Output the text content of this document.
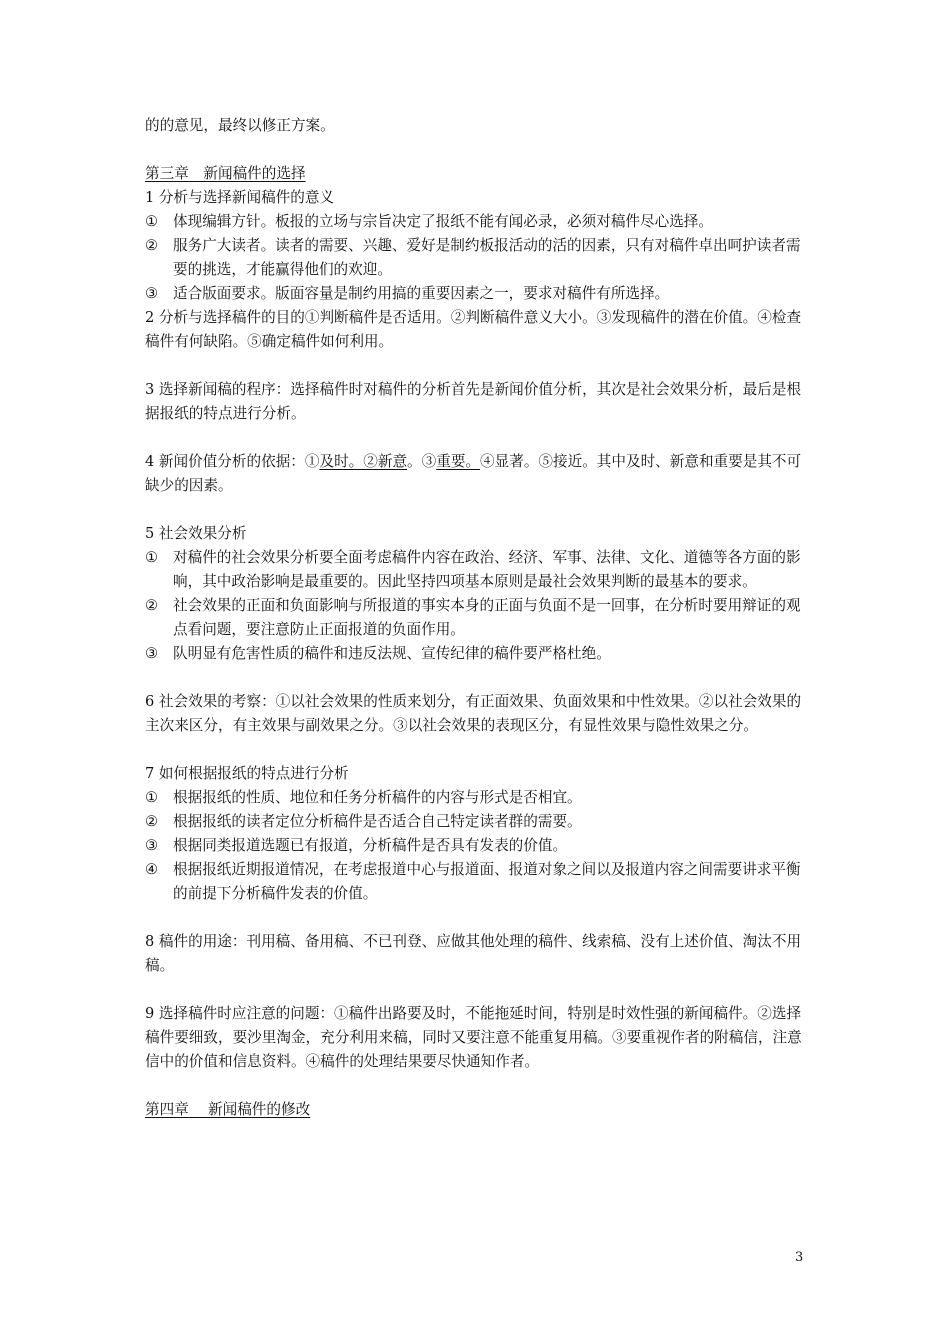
的的意见，最终以修正方案。

第三章　新闻稿件的选择

1 分析与选择新闻稿件的意义

① 体现编辑方针。板报的立场与宗旨决定了报纸不能有闻必录，必须对稿件尽心选择。
② 服务广大读者。读者的需要、兴趣、爱好是制约板报活动的活的因素，只有对稿件卓出呵护读者需要的挑选，才能赢得他们的欢迎。
③ 适合版面要求。版面容量是制约用搞的重要因素之一，要求对稿件有所选择。

2 分析与选择稿件的目的①判断稿件是否适用。②判断稿件意义大小。③发现稿件的潜在价值。④检查稿件有何缺陷。⑤确定稿件如何利用。

3 选择新闻稿的程序：选择稿件时对稿件的分析首先是新闻价值分析，其次是社会效果分析，最后是根据报纸的特点进行分析。

4 新闻价值分析的依据：①及时。②新意。③重要。④显著。⑤接近。其中及时、新意和重要是其不可缺少的因素。

5 社会效果分析

① 对稿件的社会效果分析要全面考虑稿件内容在政治、经济、军事、法律、文化、道德等各方面的影响，其中政治影响是最重要的。因此坚持四项基本原则是最社会效果判断的最基本的要求。
② 社会效果的正面和负面影响与所报道的事实本身的正面与负面不是一回事，在分析时要用辩证的观点看问题，要注意防止正面报道的负面作用。
③ 队明显有危害性质的稿件和违反法规、宣传纪律的稿件要严格杜绝。

6 社会效果的考察：①以社会效果的性质来划分，有正面效果、负面效果和中性效果。②以社会效果的主次来区分，有主效果与副效果之分。③以社会效果的表现区分，有显性效果与隐性效果之分。

7 如何根据报纸的特点进行分析

① 根据报纸的性质、地位和任务分析稿件的内容与形式是否相宜。
② 根据报纸的读者定位分析稿件是否适合自己特定读者群的需要。
③ 根据同类报道选题已有报道，分析稿件是否具有发表的价值。
④ 根据报纸近期报道情况，在考虑报道中心与报道面、报道对象之间以及报道内容之间需要讲求平衡的前提下分析稿件发表的价值。

8 稿件的用途：刊用稿、备用稿、不已刊登、应做其他处理的稿件、线索稿、没有上述价值、淘汰不用稿。

9 选择稿件时应注意的问题：①稿件出路要及时，不能拖延时间，特别是时效性强的新闻稿件。②选择稿件要细致，要沙里淘金，充分利用来稿，同时又要注意不能重复用稿。③要重视作者的附稿信，注意信中的价值和信息资料。④稿件的处理结果要尽快通知作者。

第四章　 新闻稿件的修改

3
